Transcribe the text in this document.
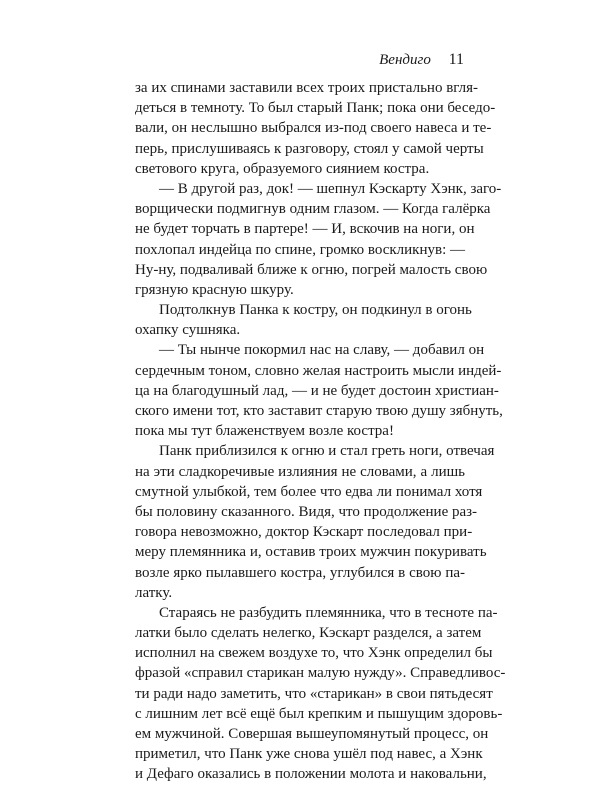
Вендиго 11
за их спинами заставили всех троих пристально вгля-
деться в темноту. То был старый Панк; пока они беседо-
вали, он неслышно выбрался из-под своего навеса и те-
перь, прислушиваясь к разговору, стоял у самой черты
светового круга, образуемого сиянием костра.
— В другой раз, док! — шепнул Кэскарту Хэнк, заго-
ворщически подмигнув одним глазом. — Когда галёрка
не будет торчать в партере! — И, вскочив на ноги, он
похлопал индейца по спине, громко воскликнув: —
Ну-ну, подваливай ближе к огню, погрей малость свою
грязную красную шкуру.
Подтолкнув Панка к костру, он подкинул в огонь
охапку сушняка.
— Ты нынче покормил нас на славу, — добавил он
сердечным тоном, словно желая настроить мысли индей-
ца на благодушный лад, — и не будет достоин христиан-
ского имени тот, кто заставит старую твою душу зябнуть,
пока мы тут блаженствуем возле костра!
Панк приблизился к огню и стал греть ноги, отвечая
на эти сладкоречивые излияния не словами, а лишь
смутной улыбкой, тем более что едва ли понимал хотя
бы половину сказанного. Видя, что продолжение раз-
говора невозможно, доктор Кэскарт последовал при-
меру племянника и, оставив троих мужчин покуривать
возле ярко пылавшего костра, углубился в свою па-
латку.
Стараясь не разбудить племянника, что в тесноте па-
латки было сделать нелегко, Кэскарт разделся, а затем
исполнил на свежем воздухе то, что Хэнк определил бы
фразой «справил старикан малую нужду». Справедливос-
ти ради надо заметить, что «старикан» в свои пятьдесят
с лишним лет всё ещё был крепким и пышущим здоровь-
ем мужчиной. Совершая вышеупомянутый процесс, он
приметил, что Панк уже снова ушёл под навес, а Хэнк
и Дефаго оказались в положении молота и наковальни,
